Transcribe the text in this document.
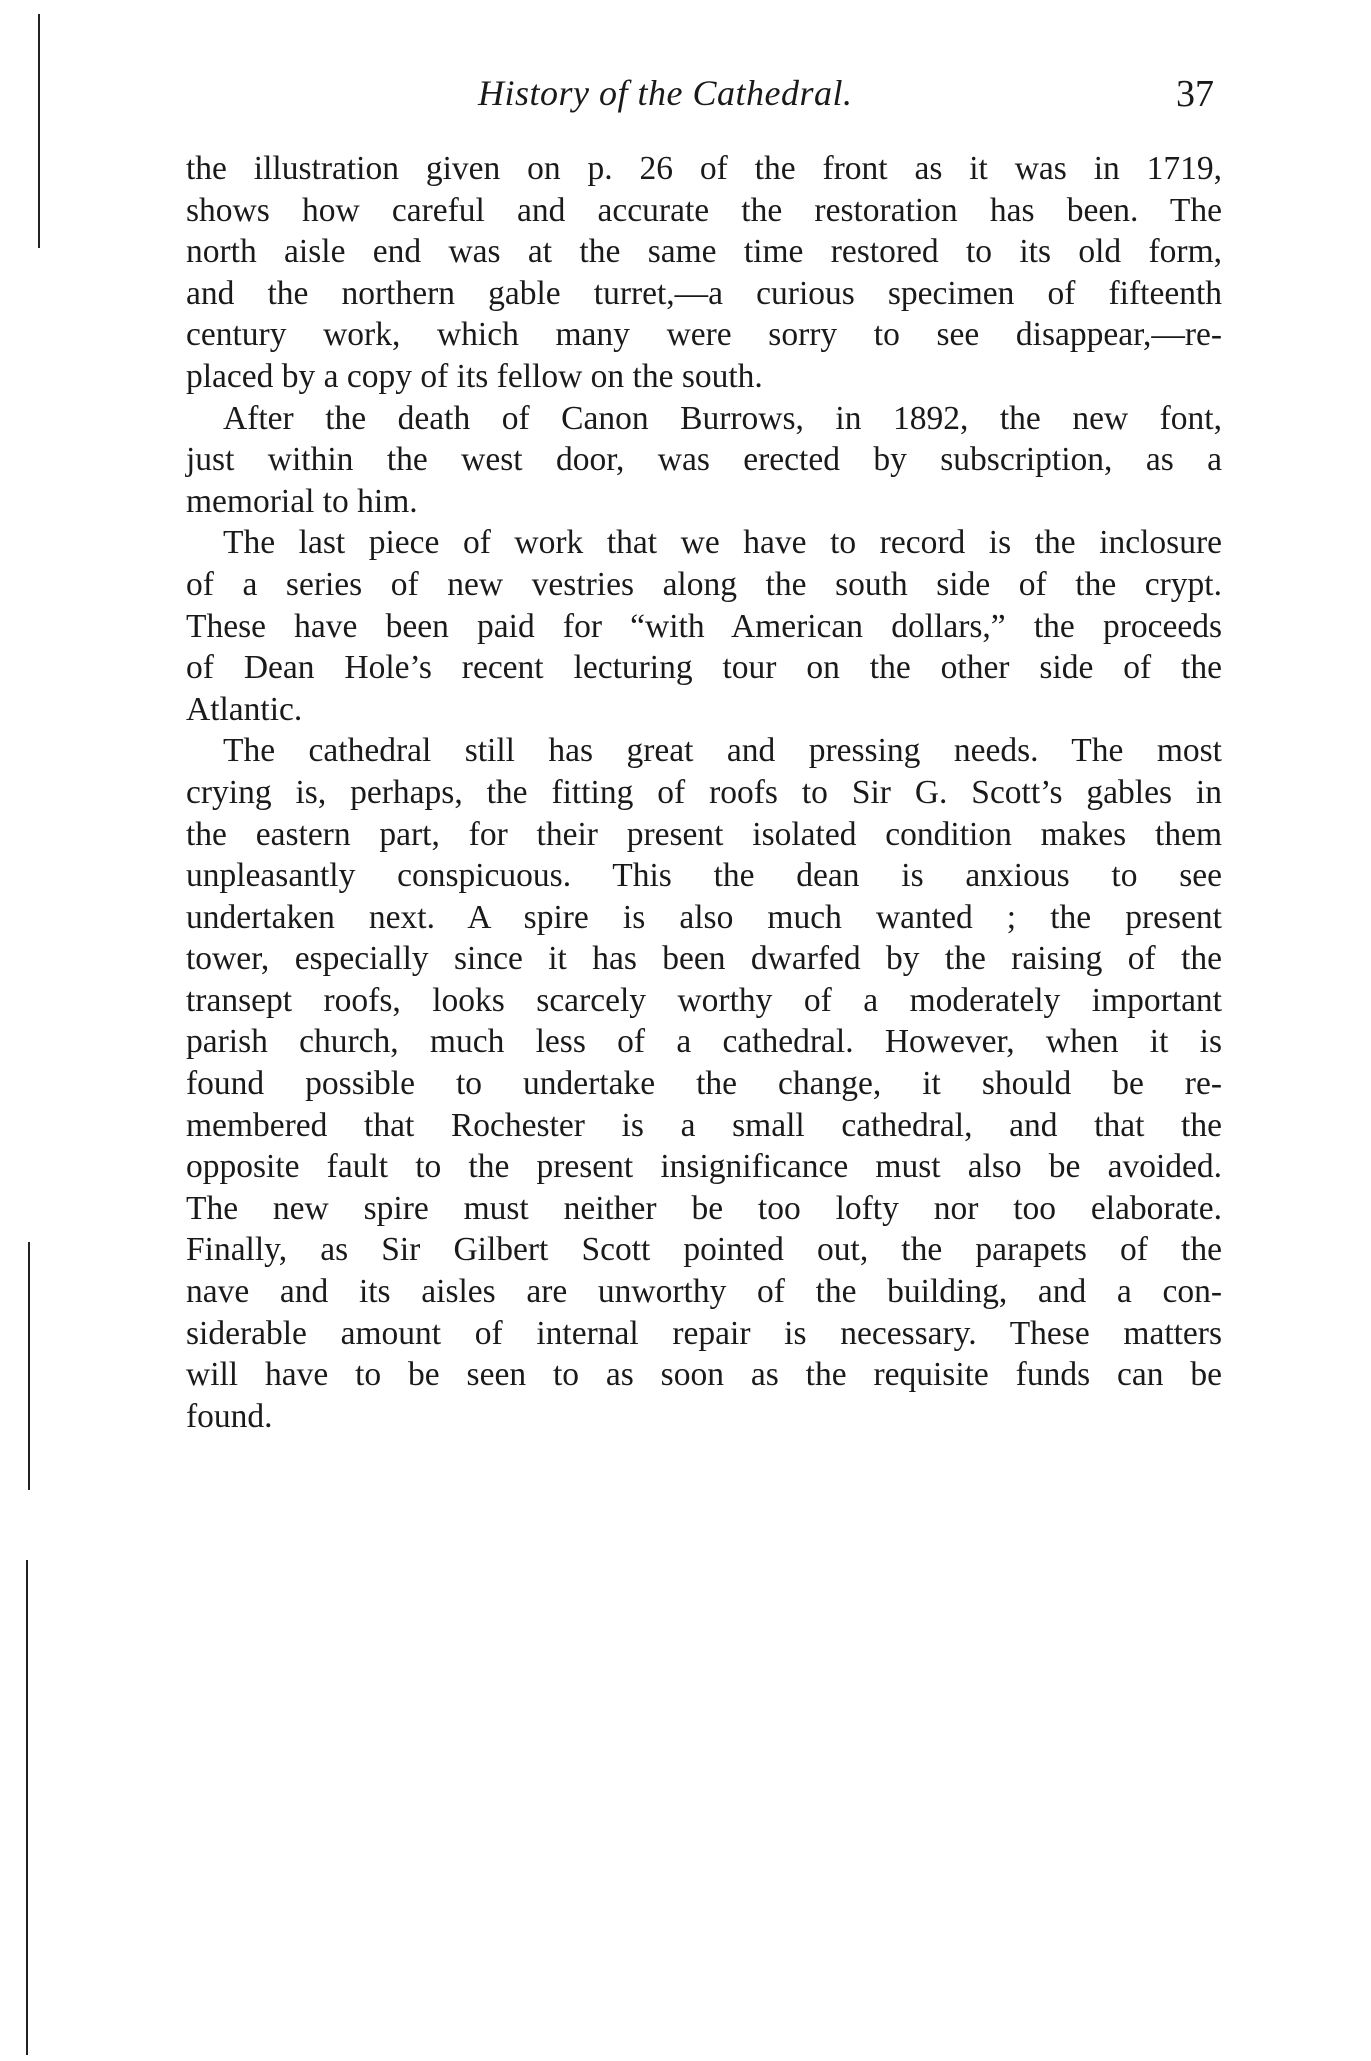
History of the Cathedral.	37
the illustration given on p. 26 of the front as it was in 1719,
shows how careful and accurate the restoration has been. The
north aisle end was at the same time restored to its old form,
and the northern gable turret,—a curious specimen of fifteenth
century work, which many were sorry to see disappear,—re-
placed by a copy of its fellow on the south.
After the death of Canon Burrows, in 1892, the new font,
just within the west door, was erected by subscription, as a
memorial to him.
The last piece of work that we have to record is the inclosure
of a series of new vestries along the south side of the crypt.
These have been paid for “with American dollars,” the proceeds
of Dean Hole’s recent lecturing tour on the other side of the
Atlantic.
The cathedral still has great and pressing needs. The most
crying is, perhaps, the fitting of roofs to Sir G. Scott’s gables in
the eastern part, for their present isolated condition makes them
unpleasantly conspicuous. This the dean is anxious to see
undertaken next. A spire is also much wanted ; the present
tower, especially since it has been dwarfed by the raising of the
transept roofs, looks scarcely worthy of a moderately important
parish church, much less of a cathedral. However, when it is
found possible to undertake the change, it should be re-
membered that Rochester is a small cathedral, and that the
opposite fault to the present insignificance must also be avoided.
The new spire must neither be too lofty nor too elaborate.
Finally, as Sir Gilbert Scott pointed out, the parapets of the
nave and its aisles are unworthy of the building, and a con-
siderable amount of internal repair is necessary. These matters
will have to be seen to as soon as the requisite funds can be
found.
